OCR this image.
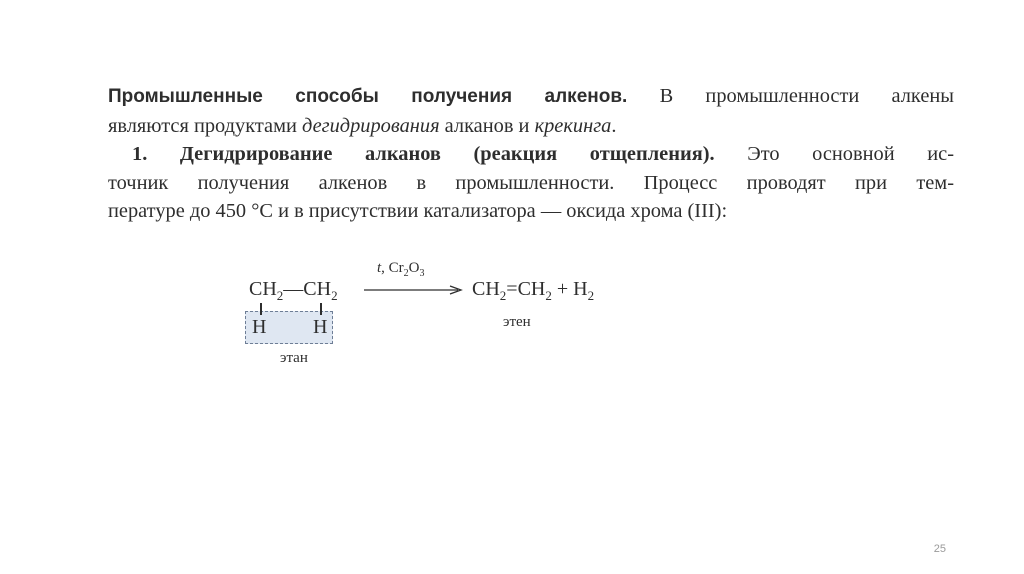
Промышленные способы получения алкенов. В промышленности алкены
являются продуктами дегидрирования алканов и крекинга.
1. Дегидрирование алканов (реакция отщепления). Это основной ис-
точник получения алкенов в промышленности. Процесс проводят при тем-
пературе до 450 °С и в присутствии катализатора — оксида хрома (III):
$CH_2—CH_2$
H H
этан
t, $Cr_2O_3$
$CH_2=CH_2 + H_2$
этен
25
